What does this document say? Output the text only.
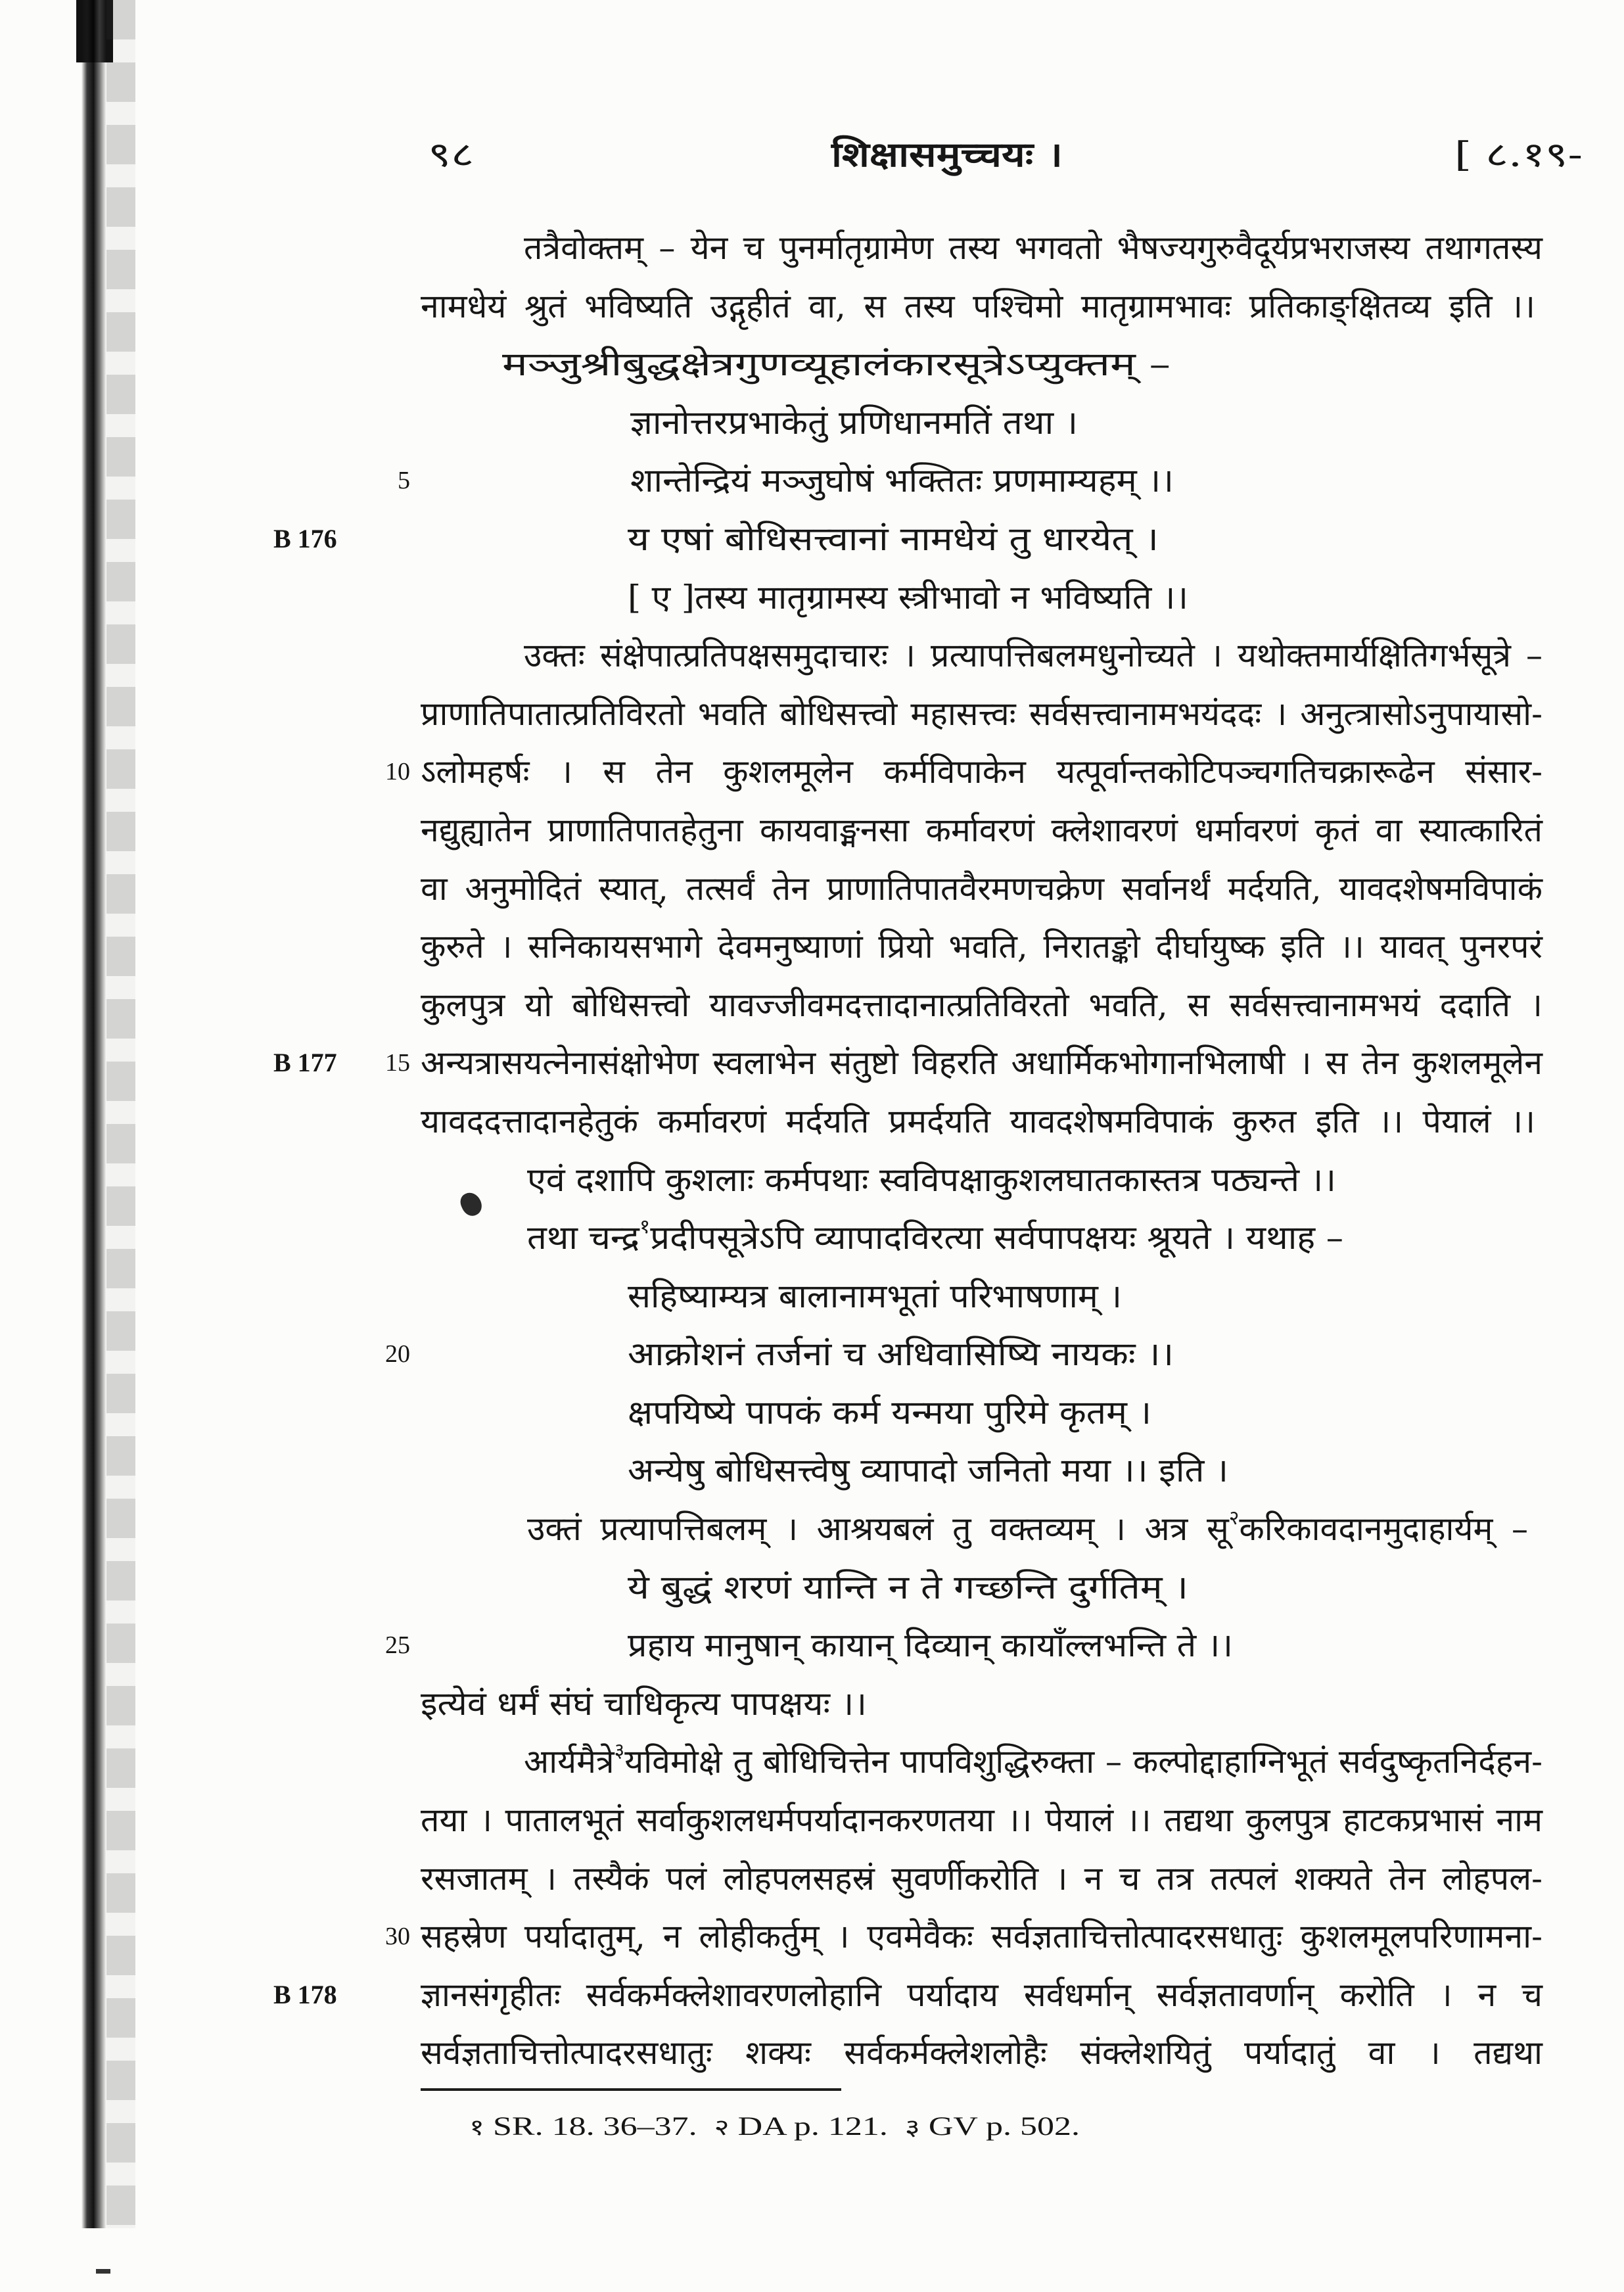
९८	शिक्षासमुच्चयः ।	[ ८.१९-
तत्रैवोक्तम् – येन च पुनर्मातृग्रामेण तस्य भगवतो भैषज्यगुरुवैदूर्यप्रभराजस्य तथागतस्य
नामधेयं श्रुतं भविष्यति उद्गृहीतं वा, स तस्य पश्चिमो मातृग्रामभावः प्रतिकाङ्क्षितव्य इति ।।
मञ्जुश्रीबुद्धक्षेत्रगुणव्यूहालंकारसूत्रेऽप्युक्तम् –
ज्ञानोत्तरप्रभाकेतुं प्रणिधानमतिं तथा ।
5	शान्तेन्द्रियं मञ्जुघोषं भक्तितः प्रणमाम्यहम् ।।
B 176	य एषां बोधिसत्त्वानां नामधेयं तु धारयेत् ।
[ ए ]तस्य मातृग्रामस्य स्त्रीभावो न भविष्यति ।।
उक्तः संक्षेपात्प्रतिपक्षसमुदाचारः । प्रत्यापत्तिबलमधुनोच्यते । यथोक्तमार्यक्षितिगर्भसूत्रे –
प्राणातिपातात्प्रतिविरतो भवति बोधिसत्त्वो महासत्त्वः सर्वसत्त्वानामभयंददः । अनुत्त्रासोऽनुपायासो-
10 ऽलोमहर्षः । स तेन कुशलमूलेन कर्मविपाकेन यत्पूर्वान्तकोटिपञ्चगतिचक्रारूढेन संसार-
नद्युह्यातेन प्राणातिपातहेतुना कायवाङ्मनसा कर्मावरणं क्लेशावरणं धर्मावरणं कृतं वा स्यात्कारितं
वा अनुमोदितं स्यात्, तत्सर्वं तेन प्राणातिपातवैरमणचक्रेण सर्वानर्थं मर्दयति, यावदशेषमविपाकं
कुरुते । सनिकायसभागे देवमनुष्याणां प्रियो भवति, निरातङ्को दीर्घायुष्क इति ।। यावत् पुनरपरं
कुलपुत्र यो बोधिसत्त्वो यावज्जीवमदत्तादानात्प्रतिविरतो भवति, स सर्वसत्त्वानामभयं ददाति ।
B 177 15 अन्यत्रासयत्नेनासंक्षोभेण स्वलाभेन संतुष्टो विहरति अधार्मिकभोगानभिलाषी । स तेन कुशलमूलेन
यावददत्तादानहेतुकं कर्मावरणं मर्दयति प्रमर्दयति यावदशेषमविपाकं कुरुत इति ।। पेयालं ।।
एवं दशापि कुशलाः कर्मपथाः स्वविपक्षाकुशलघातकास्तत्र पठ्यन्ते ।।
तथा चन्द्र$^१$प्रदीपसूत्रेऽपि व्यापादविरत्या सर्वपापक्षयः श्रूयते । यथाह –
सहिष्याम्यत्र बालानामभूतां परिभाषणाम् ।
20	आक्रोशनं तर्जनां च अधिवासिष्यि नायकः ।।
क्षपयिष्ये पापकं कर्म यन्मया पुरिमे कृतम् ।
अन्येषु बोधिसत्त्वेषु व्यापादो जनितो मया ।। इति ।
उक्तं प्रत्यापत्तिबलम् । आश्रयबलं तु वक्तव्यम् । अत्र सू$^२$करिकावदानमुदाहार्यम् –
ये बुद्धं शरणं यान्ति न ते गच्छन्ति दुर्गतिम् ।
25	प्रहाय मानुषान् कायान् दिव्यान् कायाँल्लभन्ति ते ।।
इत्येवं धर्मं संघं चाधिकृत्य पापक्षयः ।।
आर्यमैत्रे$^३$यविमोक्षे तु बोधिचित्तेन पापविशुद्धिरुक्ता – कल्पोद्दाहाग्निभूतं सर्वदुष्कृतनिर्दहन-
तया । पातालभूतं सर्वाकुशलधर्मपर्यादानकरणतया ।। पेयालं ।। तद्यथा कुलपुत्र हाटकप्रभासं नाम
रसजातम् । तस्यैकं पलं लोहपलसहस्रं सुवर्णीकरोति । न च तत्र तत्पलं शक्यते तेन लोहपल-
30 सहस्रेण पर्यादातुम्, न लोहीकर्तुम् । एवमेवैकः सर्वज्ञताचित्तोत्पादरसधातुः कुशलमूलपरिणामना-
B 178	ज्ञानसंगृहीतः सर्वकर्मक्लेशावरणलोहानि पर्यादाय सर्वधर्मान् सर्वज्ञतावर्णान् करोति । न च
सर्वज्ञताचित्तोत्पादरसधातुः शक्यः सर्वकर्मक्लेशलोहैः संक्लेशयितुं पर्यादातुं वा । तद्यथा
१ SR. 18. 36–37. २ DA p. 121. ३ GV p. 502.
